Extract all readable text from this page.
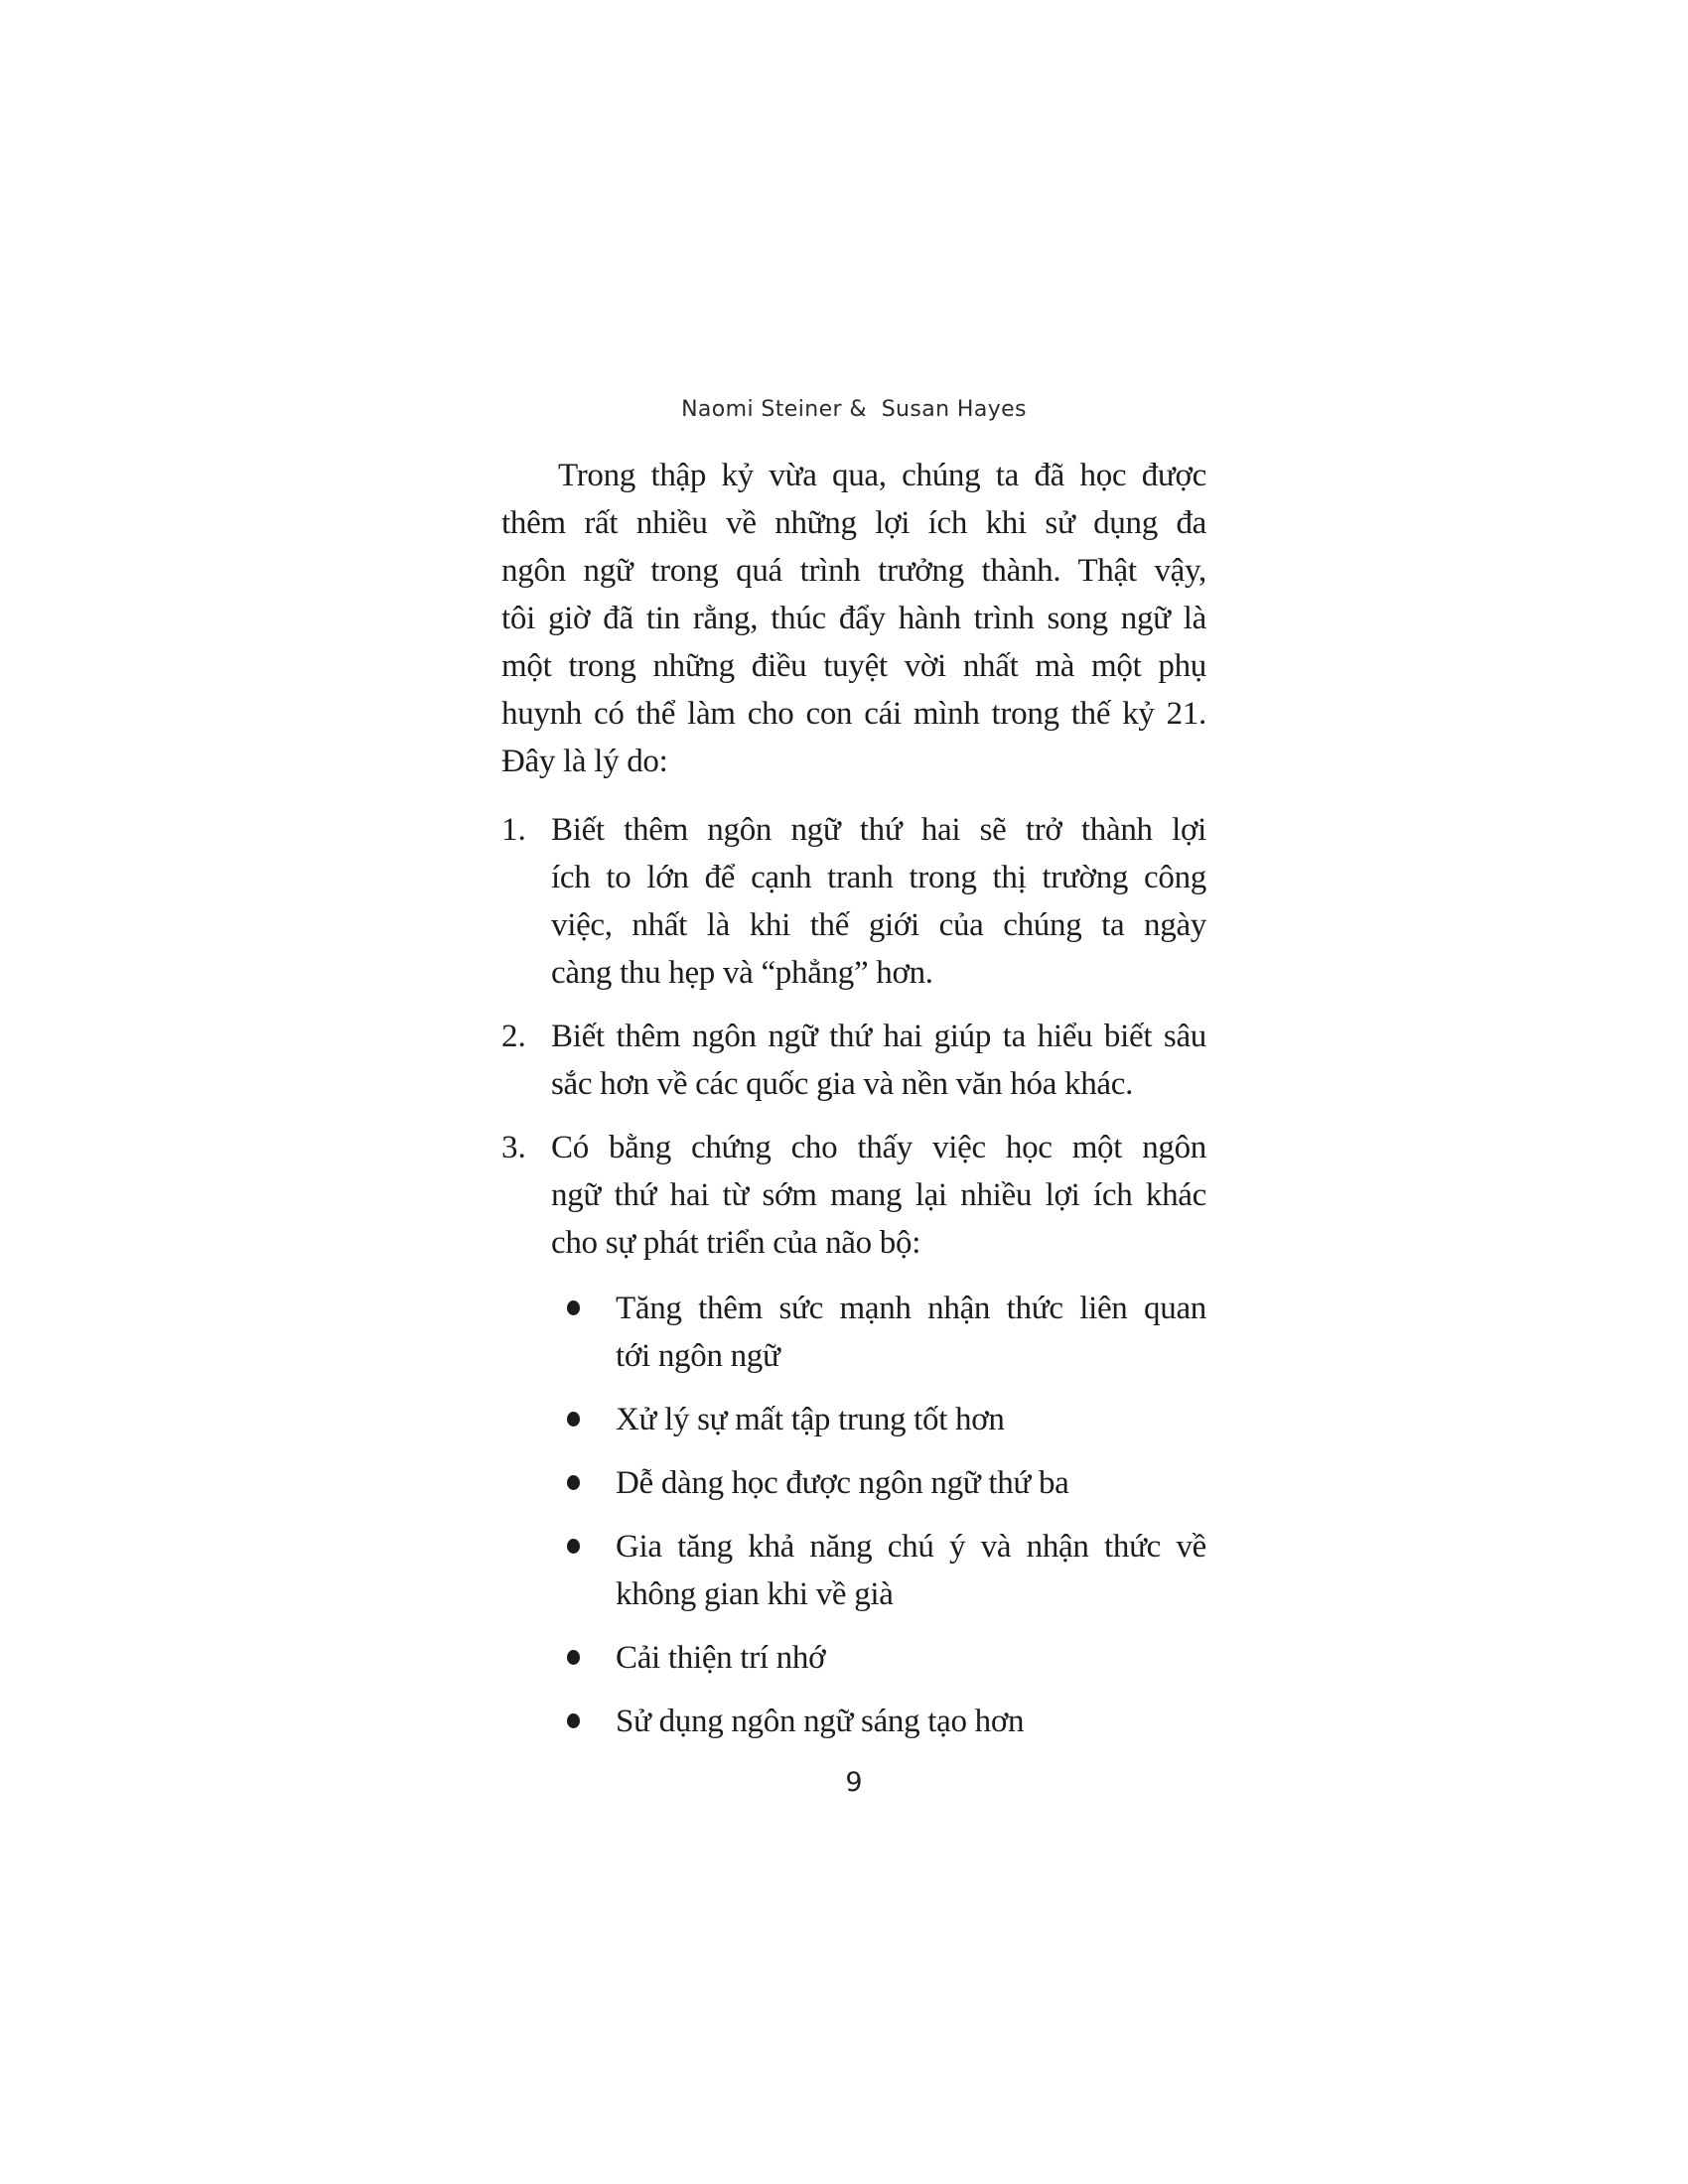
Naomi Steiner &  Susan Hayes
Trong thập kỷ vừa qua, chúng ta đã học được
thêm rất nhiều về những lợi ích khi sử dụng đa
ngôn ngữ trong quá trình trưởng thành. Thật vậy,
tôi giờ đã tin rằng, thúc đẩy hành trình song ngữ là
một trong những điều tuyệt vời nhất mà một phụ
huynh có thể làm cho con cái mình trong thế kỷ 21.
Đây là lý do:
1. Biết thêm ngôn ngữ thứ hai sẽ trở thành lợi
ích to lớn để cạnh tranh trong thị trường công
việc, nhất là khi thế giới của chúng ta ngày
càng thu hẹp và “phẳng” hơn.
2. Biết thêm ngôn ngữ thứ hai giúp ta hiểu biết sâu
sắc hơn về các quốc gia và nền văn hóa khác.
3. Có bằng chứng cho thấy việc học một ngôn
ngữ thứ hai từ sớm mang lại nhiều lợi ích khác
cho sự phát triển của não bộ:
Tăng thêm sức mạnh nhận thức liên quan
tới ngôn ngữ
Xử lý sự mất tập trung tốt hơn
Dễ dàng học được ngôn ngữ thứ ba
Gia tăng khả năng chú ý và nhận thức về
không gian khi về già
Cải thiện trí nhớ
Sử dụng ngôn ngữ sáng tạo hơn
9
